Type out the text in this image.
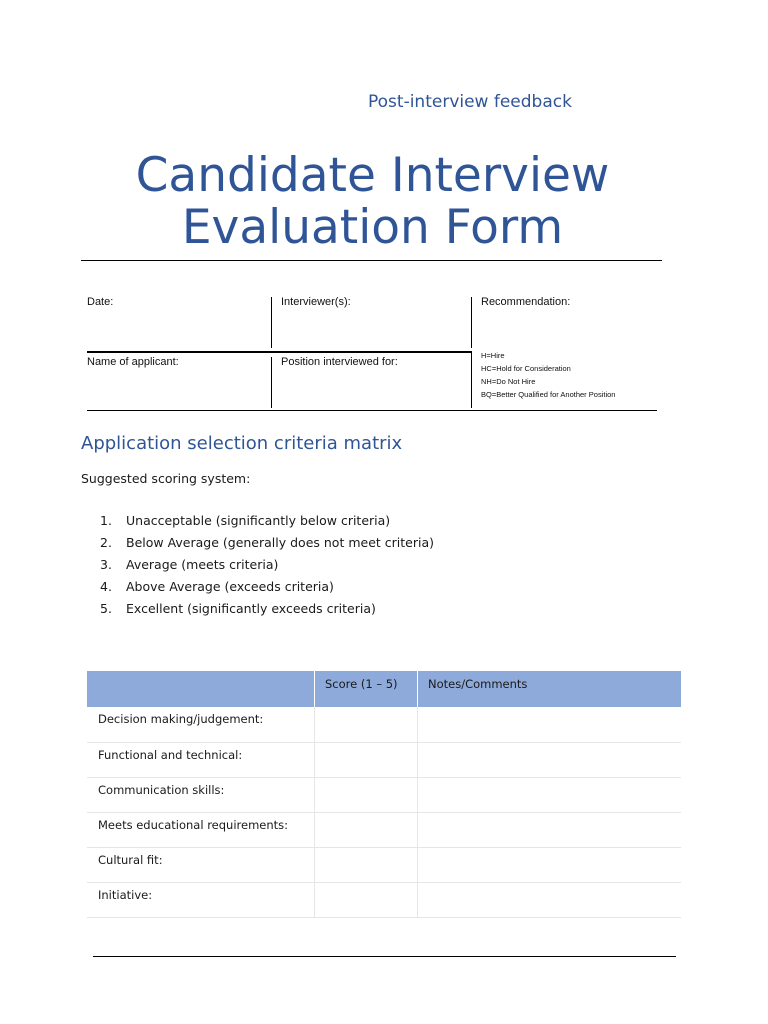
Post-interview feedback
Candidate Interview
Evaluation Form
Date:	Interviewer(s):	Recommendation:
Name of applicant:	Position interviewed for:
H=Hire
HC=Hold for Consideration
NH=Do Not Hire
BQ=Better Qualified for Another Position
Application selection criteria matrix
Suggested scoring system:
1. Unacceptable (significantly below criteria)
2. Below Average (generally does not meet criteria)
3. Average (meets criteria)
4. Above Average (exceeds criteria)
5. Excellent (significantly exceeds criteria)
	Score (1 – 5)	Notes/Comments
Decision making/judgement:		
Functional and technical:		
Communication skills:		
Meets educational requirements:		
Cultural fit:		
Initiative:		
